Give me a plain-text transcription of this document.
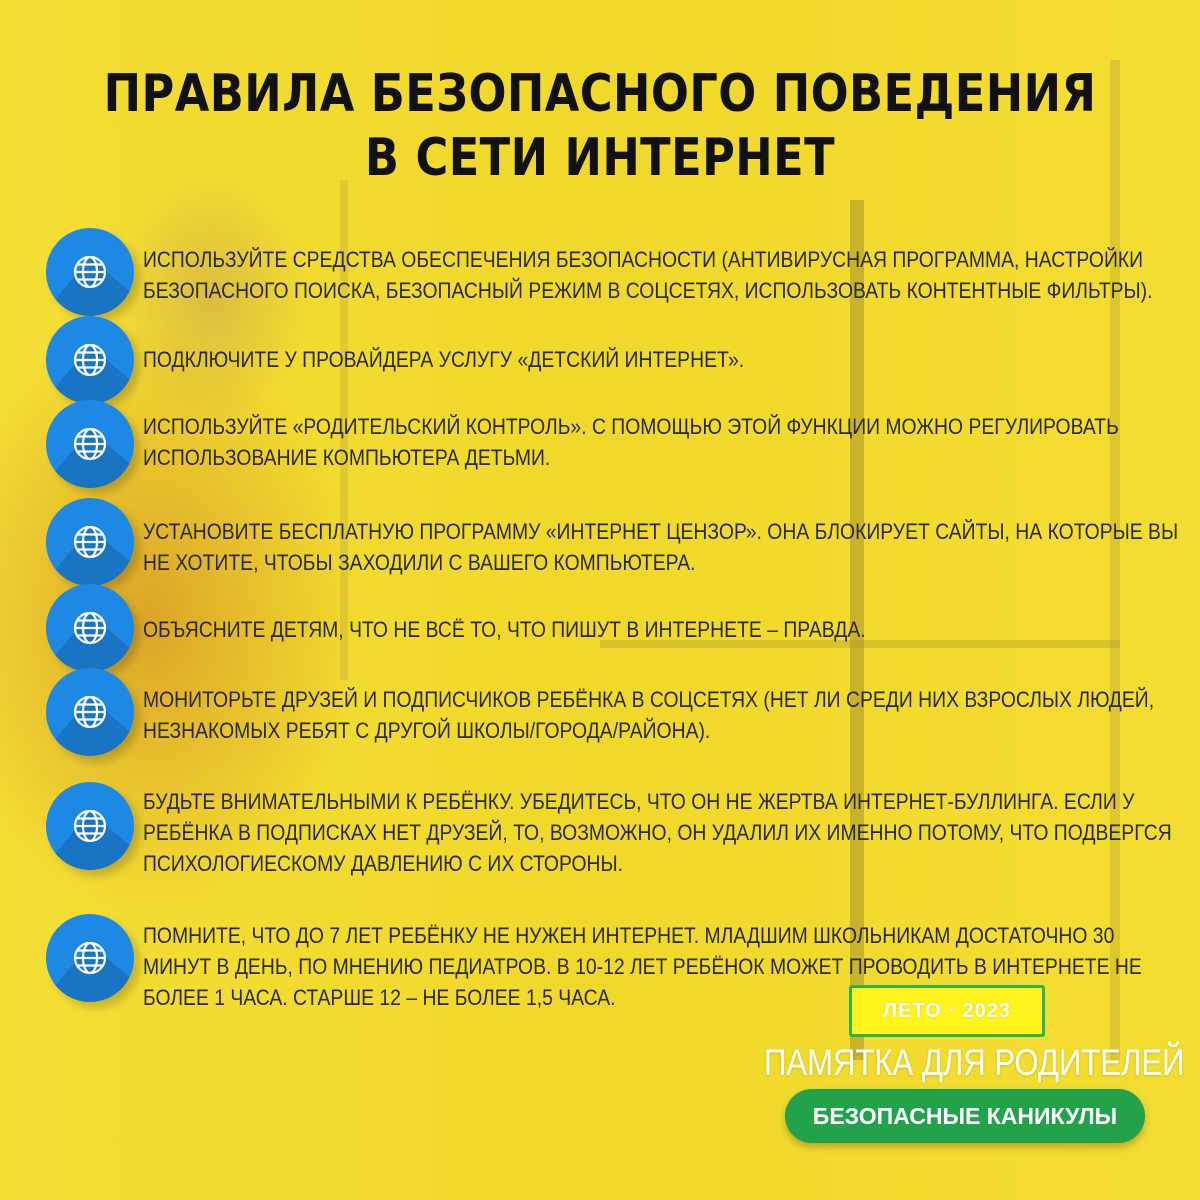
ПРАВИЛА БЕЗОПАСНОГО ПОВЕДЕНИЯ
В СЕТИ ИНТЕРНЕТ
ИСПОЛЬЗУЙТЕ СРЕДСТВА ОБЕСПЕЧЕНИЯ БЕЗОПАСНОСТИ (АНТИВИРУСНАЯ ПРОГРАММА, НАСТРОЙКИ
БЕЗОПАСНОГО ПОИСКА, БЕЗОПАСНЫЙ РЕЖИМ В СОЦСЕТЯХ, ИСПОЛЬЗОВАТЬ КОНТЕНТНЫЕ ФИЛЬТРЫ).
ПОДКЛЮЧИТЕ У ПРОВАЙДЕРА УСЛУГУ «ДЕТСКИЙ ИНТЕРНЕТ».
ИСПОЛЬЗУЙТЕ «РОДИТЕЛЬСКИЙ КОНТРОЛЬ». С ПОМОЩЬЮ ЭТОЙ ФУНКЦИИ МОЖНО РЕГУЛИРОВАТЬ
ИСПОЛЬЗОВАНИЕ КОМПЬЮТЕРА ДЕТЬМИ.
УСТАНОВИТЕ БЕСПЛАТНУЮ ПРОГРАММУ «ИНТЕРНЕТ ЦЕНЗОР». ОНА БЛОКИРУЕТ САЙТЫ, НА КОТОРЫЕ ВЫ
НЕ ХОТИТЕ, ЧТОБЫ ЗАХОДИЛИ С ВАШЕГО КОМПЬЮТЕРА.
ОБЪЯСНИТЕ ДЕТЯМ, ЧТО НЕ ВСЁ ТО, ЧТО ПИШУТ В ИНТЕРНЕТЕ – ПРАВДА.
МОНИТОРЬТЕ ДРУЗЕЙ И ПОДПИСЧИКОВ РЕБЁНКА В СОЦСЕТЯХ (НЕТ ЛИ СРЕДИ НИХ ВЗРОСЛЫХ ЛЮДЕЙ,
НЕЗНАКОМЫХ РЕБЯТ С ДРУГОЙ ШКОЛЫ/ГОРОДА/РАЙОНА).
БУДЬТЕ ВНИМАТЕЛЬНЫМИ К РЕБЁНКУ. УБЕДИТЕСЬ, ЧТО ОН НЕ ЖЕРТВА ИНТЕРНЕТ-БУЛЛИНГА. ЕСЛИ У
РЕБЁНКА В ПОДПИСКАХ НЕТ ДРУЗЕЙ, ТО, ВОЗМОЖНО, ОН УДАЛИЛ ИХ ИМЕННО ПОТОМУ, ЧТО ПОДВЕРГСЯ
ПСИХОЛОГИЕСКОМУ ДАВЛЕНИЮ С ИХ СТОРОНЫ.
ПОМНИТЕ, ЧТО ДО 7 ЛЕТ РЕБЁНКУ НЕ НУЖЕН ИНТЕРНЕТ. МЛАДШИМ ШКОЛЬНИКАМ ДОСТАТОЧНО 30
МИНУТ В ДЕНЬ, ПО МНЕНИЮ ПЕДИАТРОВ. В 10-12 ЛЕТ РЕБЁНОК МОЖЕТ ПРОВОДИТЬ В ИНТЕРНЕТЕ НЕ
БОЛЕЕ 1 ЧАСА. СТАРШЕ 12 – НЕ БОЛЕЕ 1,5 ЧАСА.
ЛЕТО · 2023
ПАМЯТКА ДЛЯ РОДИТЕЛЕЙ
БЕЗОПАСНЫЕ КАНИКУЛЫ
